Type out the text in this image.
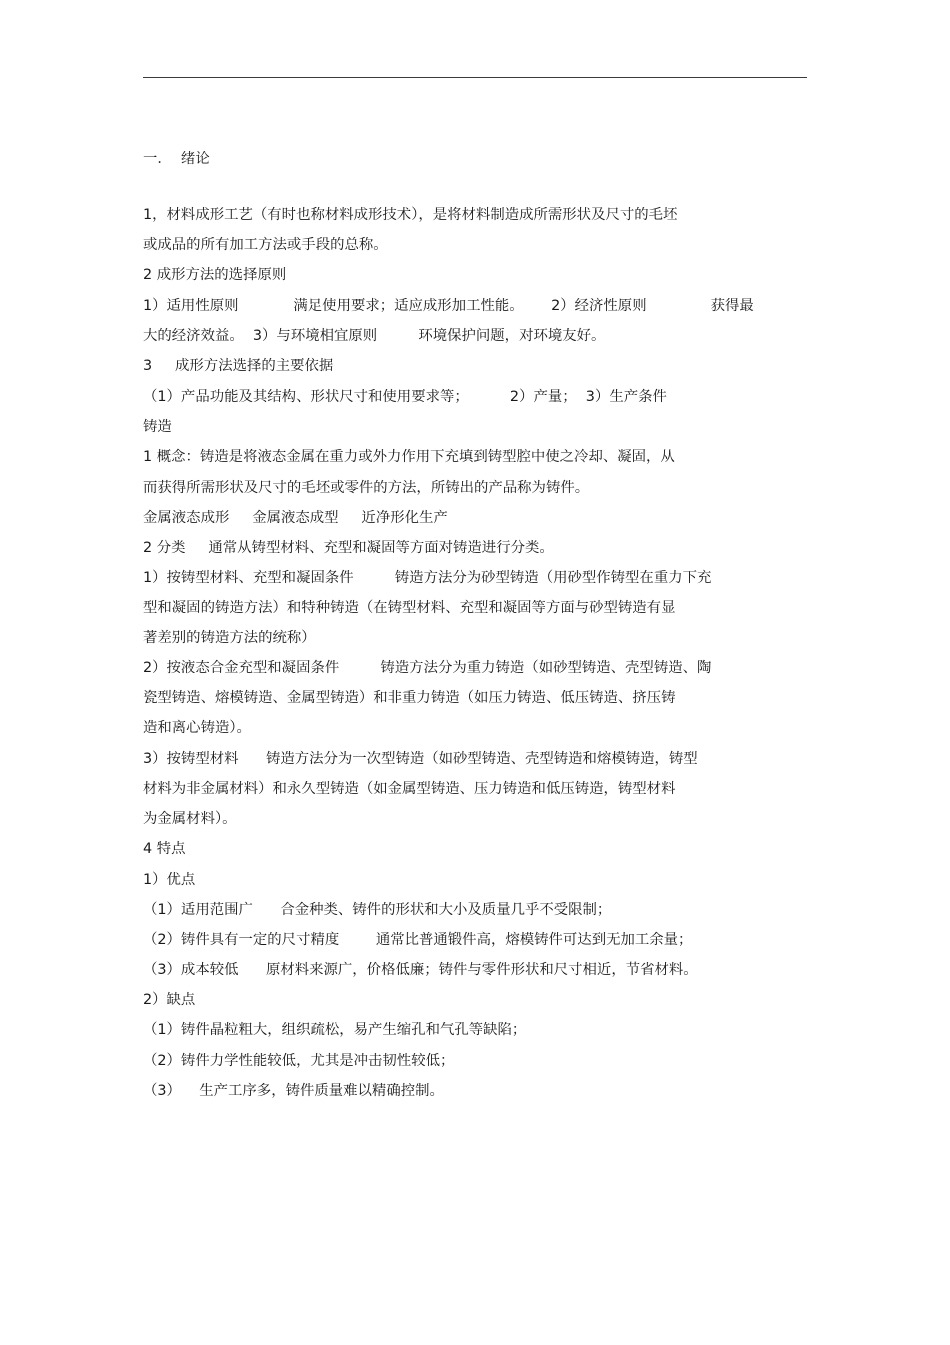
一．  绪论
1，材料成形工艺（有时也称材料成形技术），是将材料制造成所需形状及尺寸的毛坯
或成品的所有加工方法或手段的总称。
2 成形方法的选择原则
1）适用性原则            满足使用要求；适应成形加工性能。      2）经济性原则              获得最
大的经济效益。  3）与环境相宜原则         环境保护问题，对环境友好。
3     成形方法选择的主要依据
（1）产品功能及其结构、形状尺寸和使用要求等；         2）产量；  3）生产条件
铸造
1 概念：铸造是将液态金属在重力或外力作用下充填到铸型腔中使之冷却、凝固，从
而获得所需形状及尺寸的毛坯或零件的方法，所铸出的产品称为铸件。
金属液态成形     金属液态成型     近净形化生产
2 分类     通常从铸型材料、充型和凝固等方面对铸造进行分类。
1）按铸型材料、充型和凝固条件         铸造方法分为砂型铸造（用砂型作铸型在重力下充
型和凝固的铸造方法）和特种铸造（在铸型材料、充型和凝固等方面与砂型铸造有显
著差别的铸造方法的统称）
2）按液态合金充型和凝固条件         铸造方法分为重力铸造（如砂型铸造、壳型铸造、陶
瓷型铸造、熔模铸造、金属型铸造）和非重力铸造（如压力铸造、低压铸造、挤压铸
造和离心铸造）。
3）按铸型材料      铸造方法分为一次型铸造（如砂型铸造、壳型铸造和熔模铸造，铸型
材料为非金属材料）和永久型铸造（如金属型铸造、压力铸造和低压铸造，铸型材料
为金属材料）。
4 特点
1）优点
（1）适用范围广      合金种类、铸件的形状和大小及质量几乎不受限制；
（2）铸件具有一定的尺寸精度        通常比普通锻件高，熔模铸件可达到无加工余量；
（3）成本较低      原材料来源广，价格低廉；铸件与零件形状和尺寸相近，节省材料。
2）缺点
（1）铸件晶粒粗大，组织疏松，易产生缩孔和气孔等缺陷；
（2）铸件力学性能较低，尤其是冲击韧性较低；
（3）    生产工序多，铸件质量难以精确控制。
